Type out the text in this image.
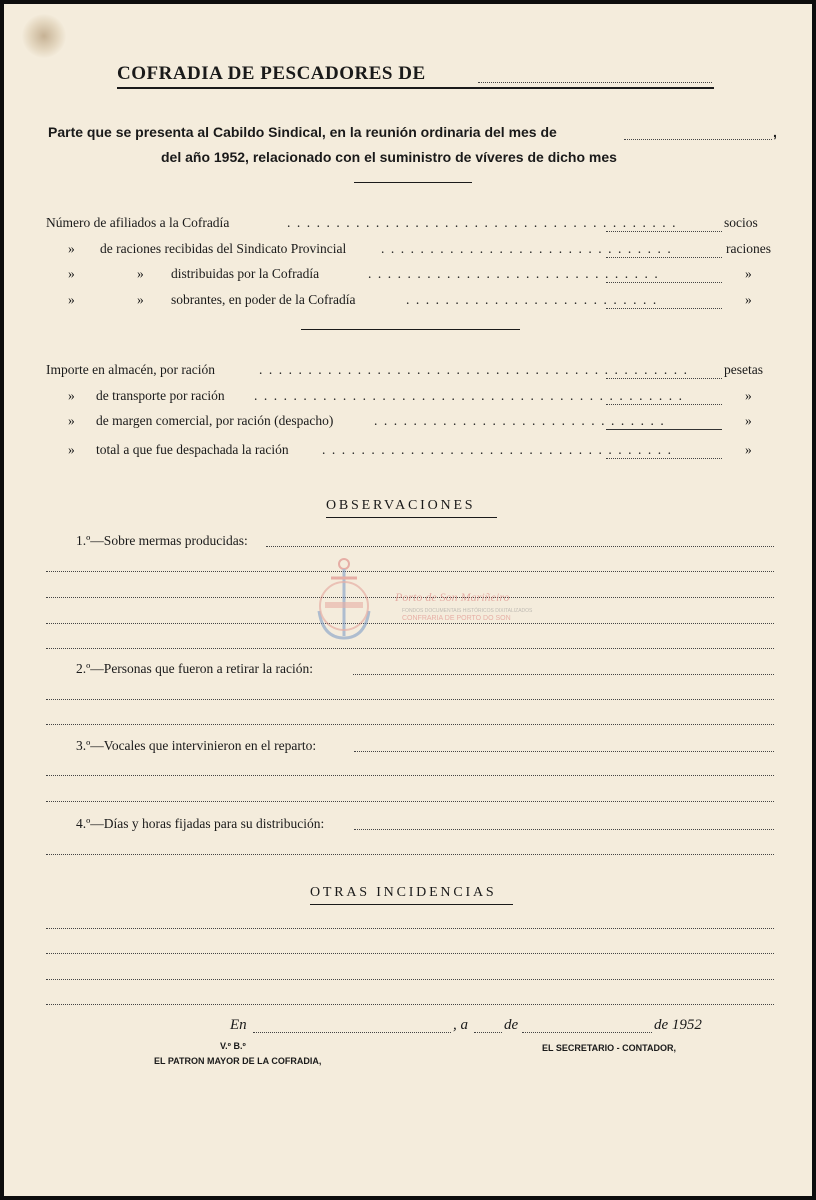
COFRADIA DE PESCADORES DE
Parte que se presenta al Cabildo Sindical, en la reunión ordinaria del mes de	,
del año 1952, relacionado con el suministro de víveres de dicho mes
Número de afiliados a la Cofradía	........................................	socios
» de raciones recibidas del Sindicato Provincial	..............................	raciones
»	» distribuidas por la Cofradía	..............................	»
»	» sobrantes, en poder de la Cofradía	..........................	»
Importe en almacén, por ración	............................................ pesetas
» de transporte por ración ............................................	»
» de margen comercial, por ración (despacho)	..............................	»
» total a que fue despachada la ración ....................................	»
OBSERVACIONES
1.º—Sobre mermas producidas:
2.º—Personas que fueron a retirar la ración:
3.º—Vocales que intervinieron en el reparto:
4.º—Días y horas fijadas para su distribución:
OTRAS INCIDENCIAS
En	, a de	de 1952
V.º B.º
EL PATRON MAYOR DE LA COFRADIA,
EL SECRETARIO - CONTADOR,
Porto de Son Mariñeiro
FONDOS DOCUMENTAIS HISTÓRICOS DIXITALIZADOS
CONFRARIA DE PORTO DO SON
